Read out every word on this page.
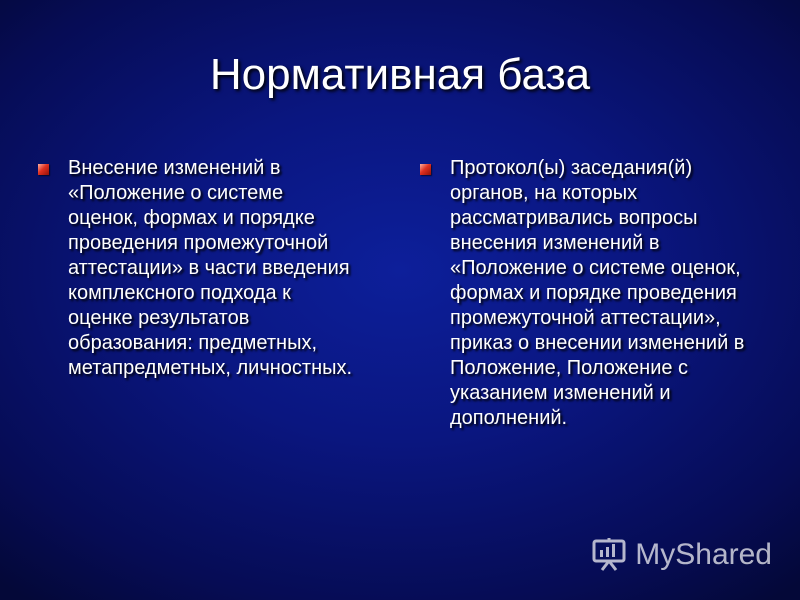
Нормативная база

Внесение изменений в «Положение о системе оценок, формах и порядке проведения промежуточной аттестации» в части введения комплексного подхода к оценке результатов образования: предметных, метапредметных, личностных.

Протокол(ы) заседания(й) органов, на которых рассматривались вопросы внесения изменений в «Положение о системе оценок, формах и порядке проведения промежуточной аттестации», приказ о внесении изменений в Положение, Положение с указанием изменений и дополнений.

MyShared
